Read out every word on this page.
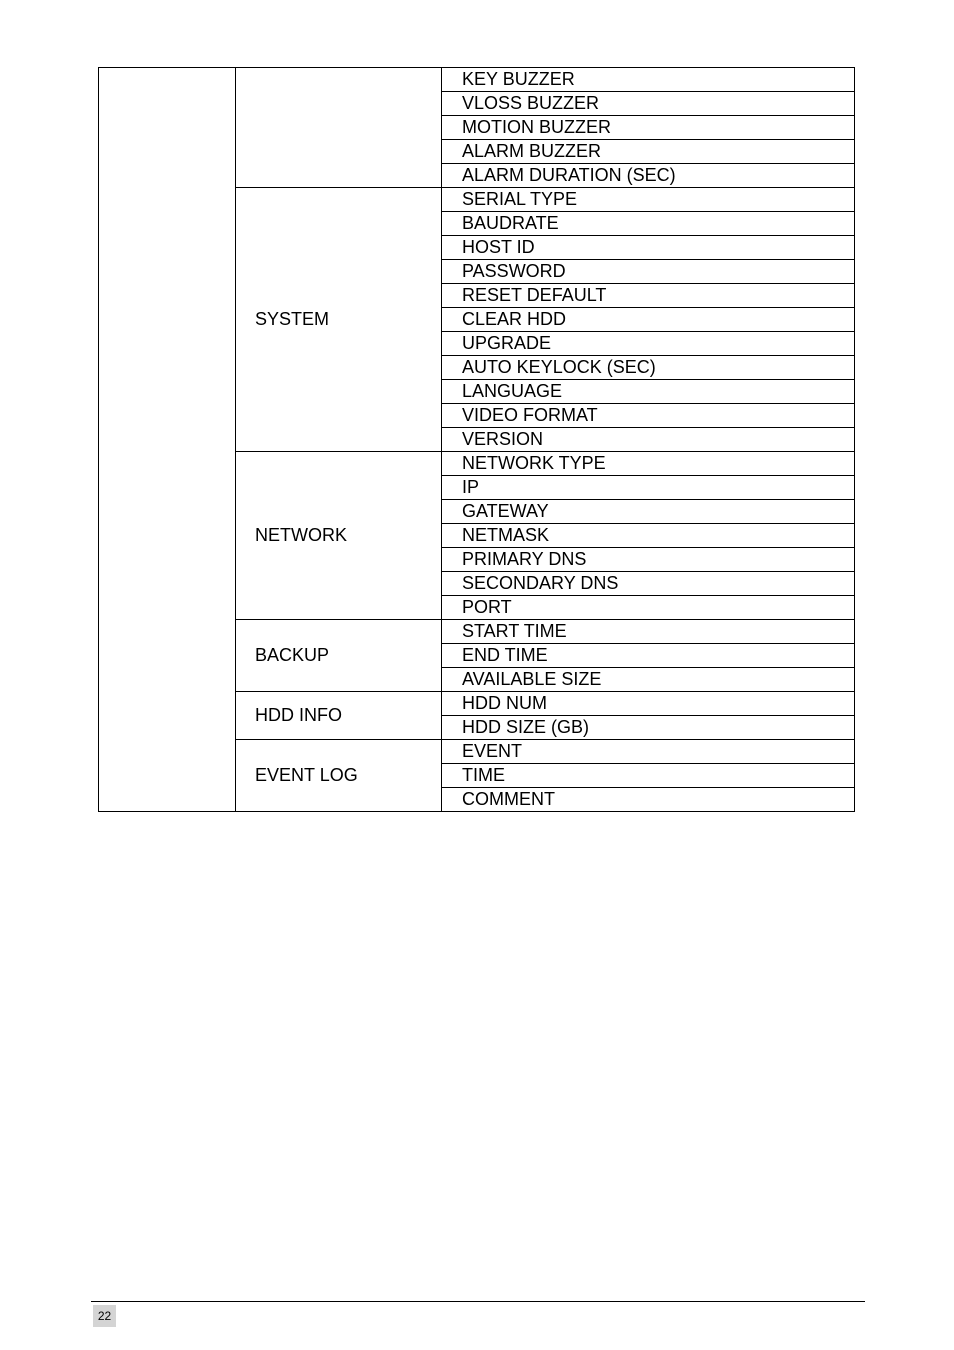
		KEY BUZZER
		VLOSS BUZZER
		MOTION BUZZER
		ALARM BUZZER
		ALARM DURATION (SEC)
	SYSTEM	SERIAL TYPE
		BAUDRATE
		HOST ID
		PASSWORD
		RESET DEFAULT
		CLEAR HDD
		UPGRADE
		AUTO KEYLOCK (SEC)
		LANGUAGE
		VIDEO FORMAT
		VERSION
	NETWORK	NETWORK TYPE
		IP
		GATEWAY
		NETMASK
		PRIMARY DNS
		SECONDARY DNS
		PORT
	BACKUP	START TIME
		END TIME
		AVAILABLE SIZE
	HDD INFO	HDD NUM
		HDD SIZE (GB)
	EVENT LOG	EVENT
		TIME
		COMMENT
22
